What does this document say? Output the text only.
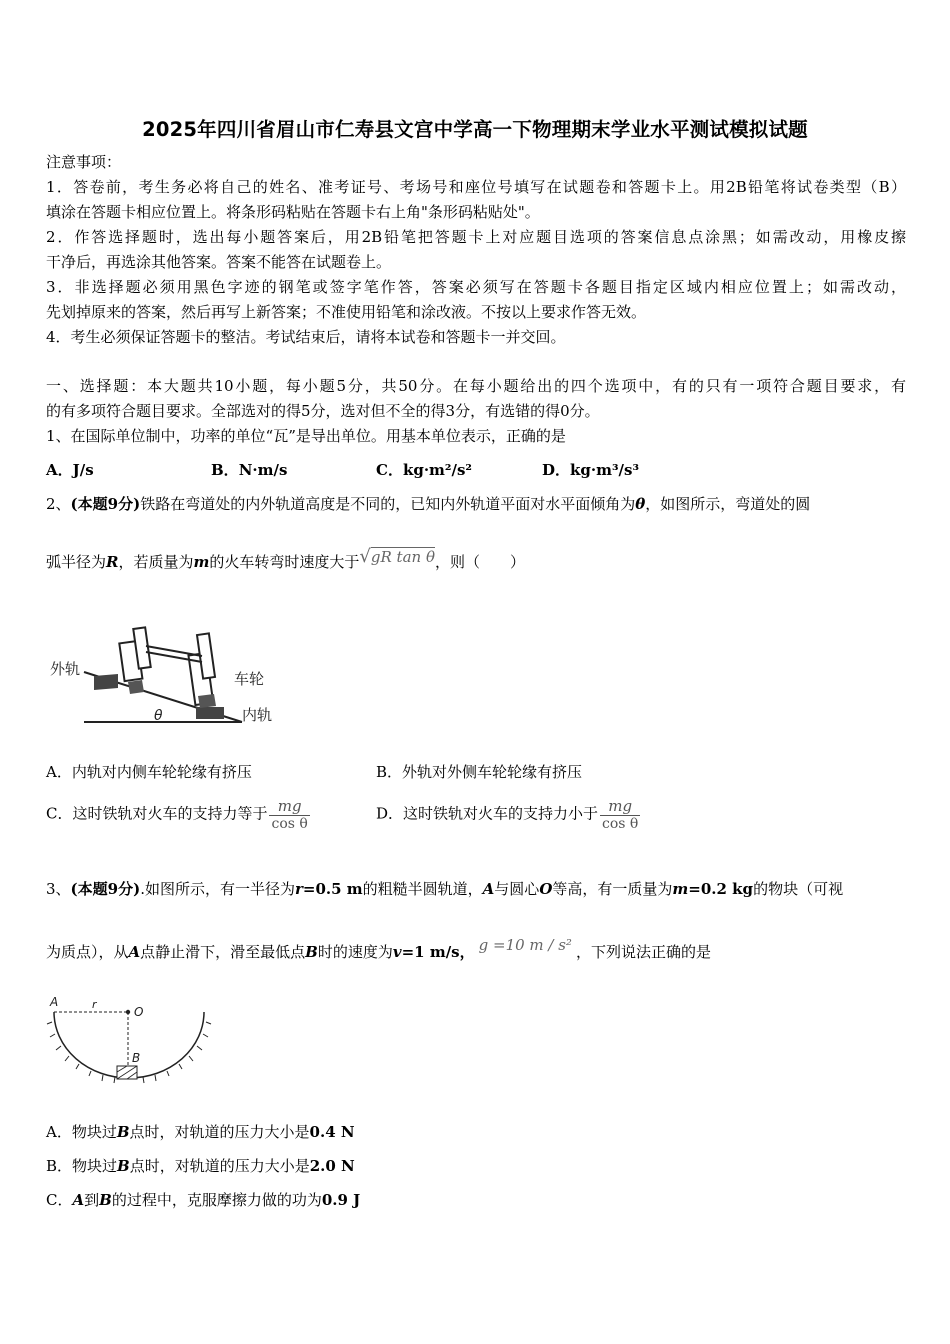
2025年四川省眉山市仁寿县文宫中学高一下物理期末学业水平测试模拟试题
注意事项：
1．答卷前，考生务必将自己的姓名、准考证号、考场号和座位号填写在试题卷和答题卡上。用2B铅笔将试卷类型（B）
填涂在答题卡相应位置上。将条形码粘贴在答题卡右上角"条形码粘贴处"。
2．作答选择题时，选出每小题答案后，用2B铅笔把答题卡上对应题目选项的答案信息点涂黑；如需改动，用橡皮擦
干净后，再选涂其他答案。答案不能答在试题卷上。
3．非选择题必须用黑色字迹的钢笔或签字笔作答，答案必须写在答题卡各题目指定区域内相应位置上；如需改动，
先划掉原来的答案，然后再写上新答案；不准使用铅笔和涂改液。不按以上要求作答无效。
4．考生必须保证答题卡的整洁。考试结束后，请将本试卷和答题卡一并交回。
一、选择题：本大题共10小题，每小题5分，共50分。在每小题给出的四个选项中，有的只有一项符合题目要求，有
的有多项符合题目要求。全部选对的得5分，选对但不全的得3分，有选错的得0分。
1、在国际单位制中，功率的单位“瓦”是导出单位。用基本单位表示，正确的是
A．J/s	B．N·m/s	C．kg·m²/s²	D．kg·m³/s³
2、(本题9分)铁路在弯道处的内外轨道高度是不同的，已知内外轨道平面对水平面倾角为θ，如图所示，弯道处的圆
弧半径为R，若质量为m的火车转弯时速度大于√gR tan θ，则（　　）
外轨
车轮
内轨
θ
A．内轨对内侧车轮轮缘有挤压	B．外轨对外侧车轮轮缘有挤压
C．这时铁轨对火车的支持力等于 $\frac{mg}{\text{cos θ}}$	D．这时铁轨对火车的支持力小于 $\frac{mg}{\text{cos θ}}$
3、(本题9分).如图所示，有一半径为r=0.5 m的粗糙半圆轨道，A与圆心O等高，有一质量为m=0.2 kg的物块（可视
为质点），从A点静止滑下，滑至最低点B时的速度为v=1 m/s， g =10 m / s² ，下列说法正确的是
A	r
O
B
A．物块过B点时，对轨道的压力大小是0.4 N
B．物块过B点时，对轨道的压力大小是2.0 N
C．A到B的过程中，克服摩擦力做的功为0.9 J
